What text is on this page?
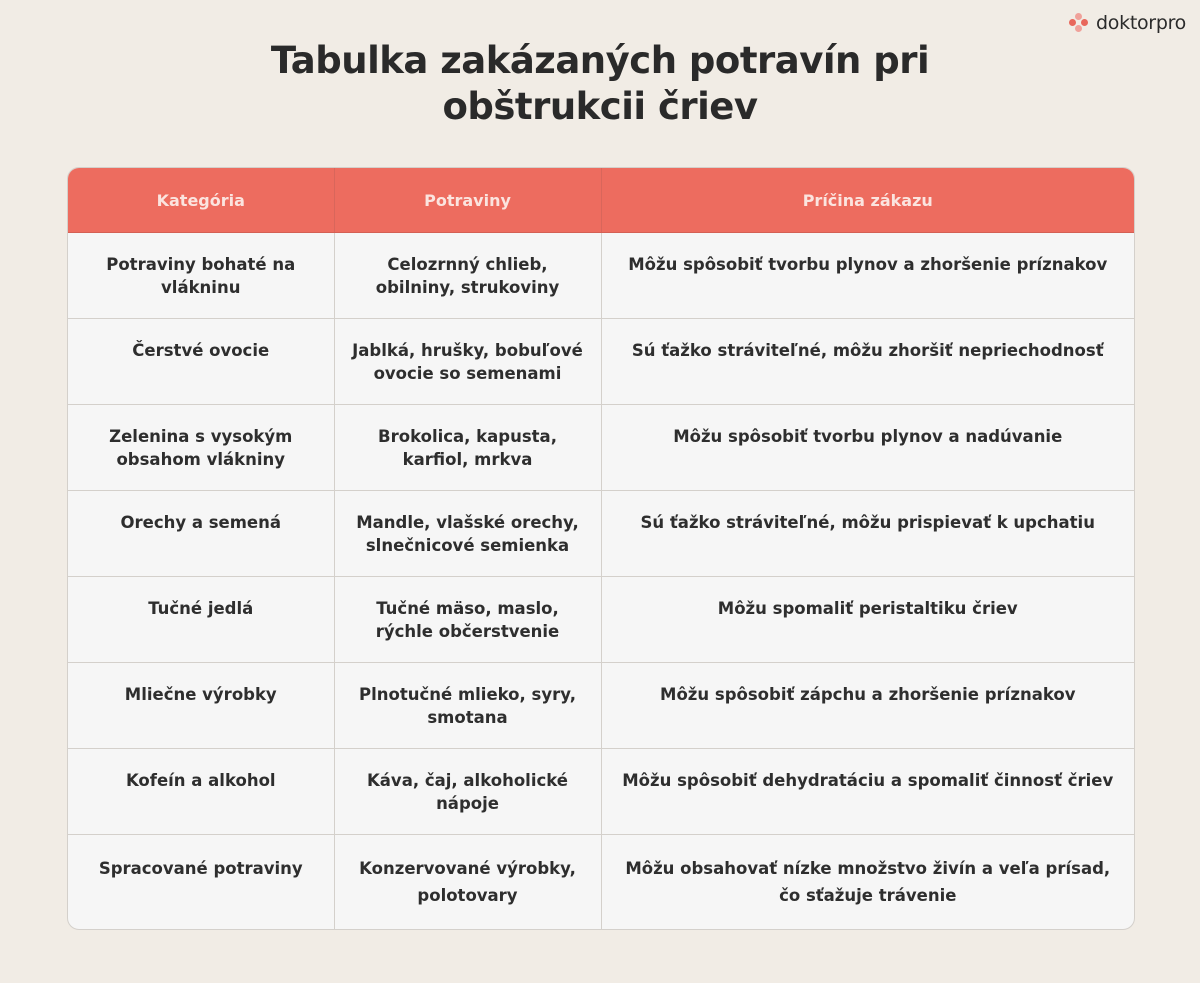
doktorpro
Tabulka zakázaných potravín pri
obštrukcii čriev
Kategória	Potraviny	Príčina zákazu
Potraviny bohaté na vlákninu	Celozrnný chlieb, obilniny, strukoviny	Môžu spôsobiť tvorbu plynov a zhoršenie príznakov
Čerstvé ovocie	Jablká, hrušky, bobuľové ovocie so semenami	Sú ťažko stráviteľné, môžu zhoršiť nepriechodnosť
Zelenina s vysokým obsahom vlákniny	Brokolica, kapusta, karfiol, mrkva	Môžu spôsobiť tvorbu plynov a nadúvanie
Orechy a semená	Mandle, vlašské orechy, slnečnicové semienka	Sú ťažko stráviteľné, môžu prispievať k upchatiu
Tučné jedlá	Tučné mäso, maslo, rýchle občerstvenie	Môžu spomaliť peristaltiku čriev
Mliečne výrobky	Plnotučné mlieko, syry, smotana	Môžu spôsobiť zápchu a zhoršenie príznakov
Kofeín a alkohol	Káva, čaj, alkoholické nápoje	Môžu spôsobiť dehydratáciu a spomaliť činnosť čriev
Spracované potraviny	Konzervované výrobky, polotovary	Môžu obsahovať nízke množstvo živín a veľa prísad, čo sťažuje trávenie
